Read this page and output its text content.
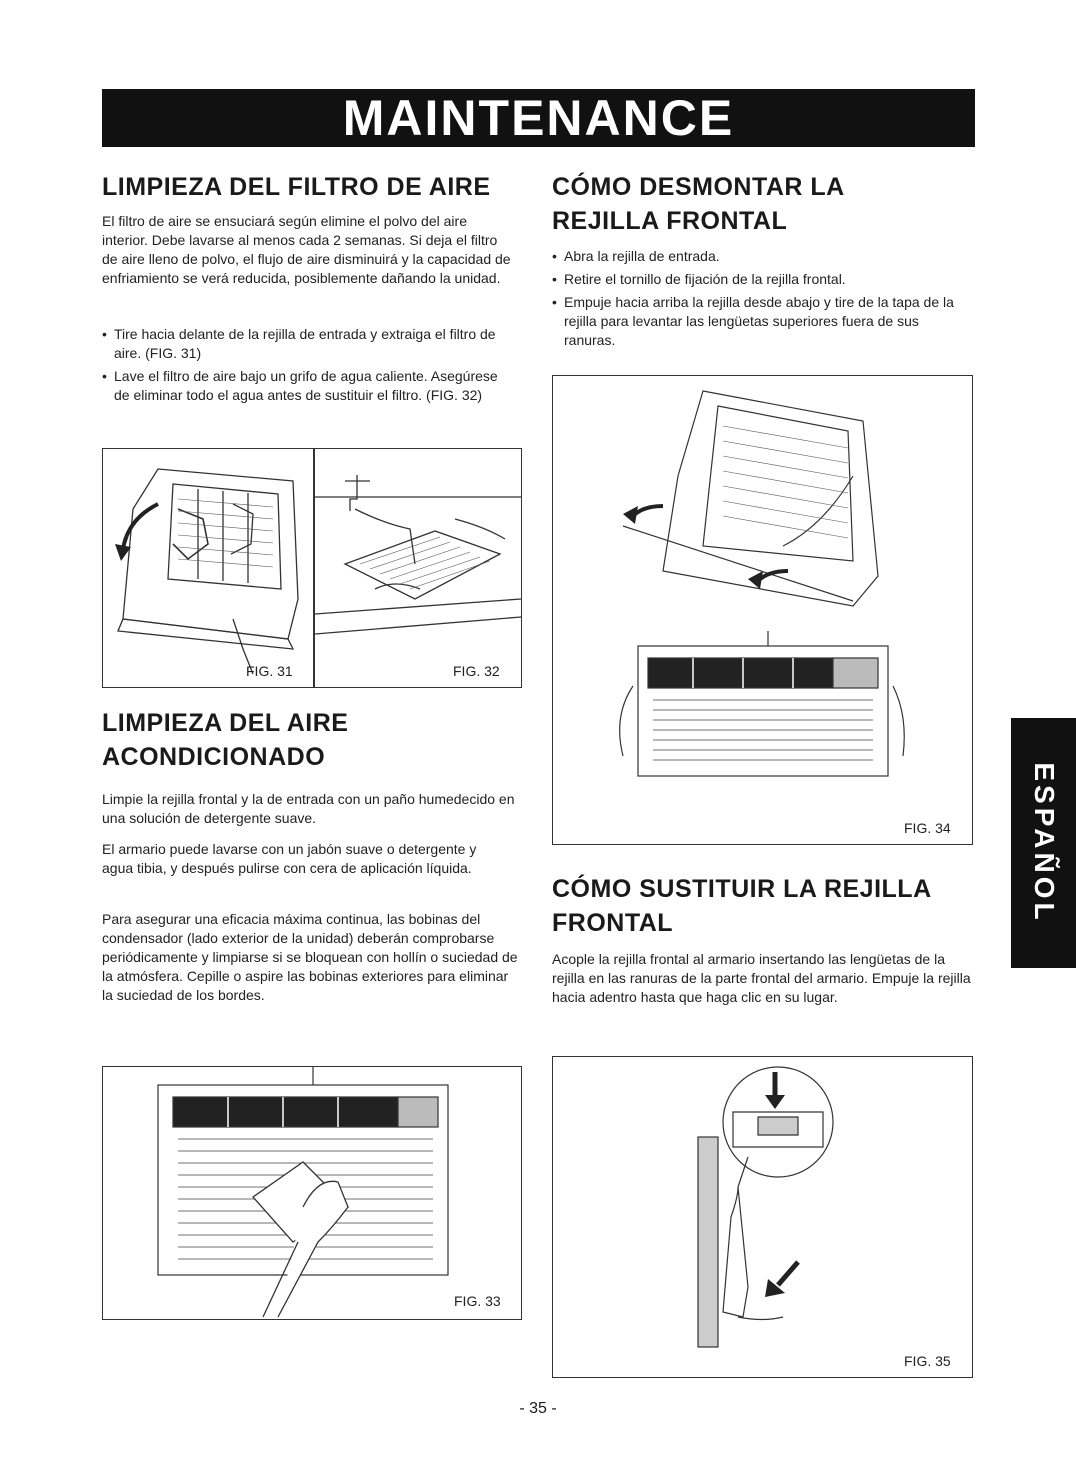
MAINTENANCE
LIMPIEZA DEL FILTRO DE AIRE

El filtro de aire se ensuciará según elimine el polvo del aire interior. Debe lavarse al menos cada 2 semanas. Si deja el filtro de aire lleno de polvo, el flujo de aire disminuirá y la capacidad de enfriamiento se verá reducida, posiblemente dañando la unidad.

• Tire hacia delante de la rejilla de entrada y extraiga el filtro de aire. (FIG. 31)
• Lave el filtro de aire bajo un grifo de agua caliente. Asegúrese de eliminar todo el agua antes de sustituir el filtro. (FIG. 32)
FIG. 31	FIG. 32
LIMPIEZA DEL AIRE
ACONDICIONADO

Limpie la rejilla frontal y la de entrada con un paño humedecido en una solución de detergente suave.

El armario puede lavarse con un jabón suave o detergente y agua tibia, y después pulirse con cera de aplicación líquida.

Para asegurar una eficacia máxima continua, las bobinas del condensador (lado exterior de la unidad) deberán comprobarse periódicamente y limpiarse si se bloquean con hollín o suciedad de la atmósfera. Cepille o aspire las bobinas exteriores para eliminar la suciedad de los bordes.

FIG. 33
CÓMO DESMONTAR LA
REJILLA FRONTAL
• Abra la rejilla de entrada.
• Retire el tornillo de fijación de la rejilla frontal.
• Empuje hacia arriba la rejilla desde abajo y tire de la tapa de la rejilla para levantar las lengüetas superiores fuera de sus ranuras.
FIG. 34
CÓMO SUSTITUIR LA REJILLA
FRONTAL

Acople la rejilla frontal al armario insertando las lengüetas de la rejilla en las ranuras de la parte frontal del armario. Empuje la rejilla hacia adentro hasta que haga clic en su lugar.

FIG. 35
ESPAÑOL
- 35 -
